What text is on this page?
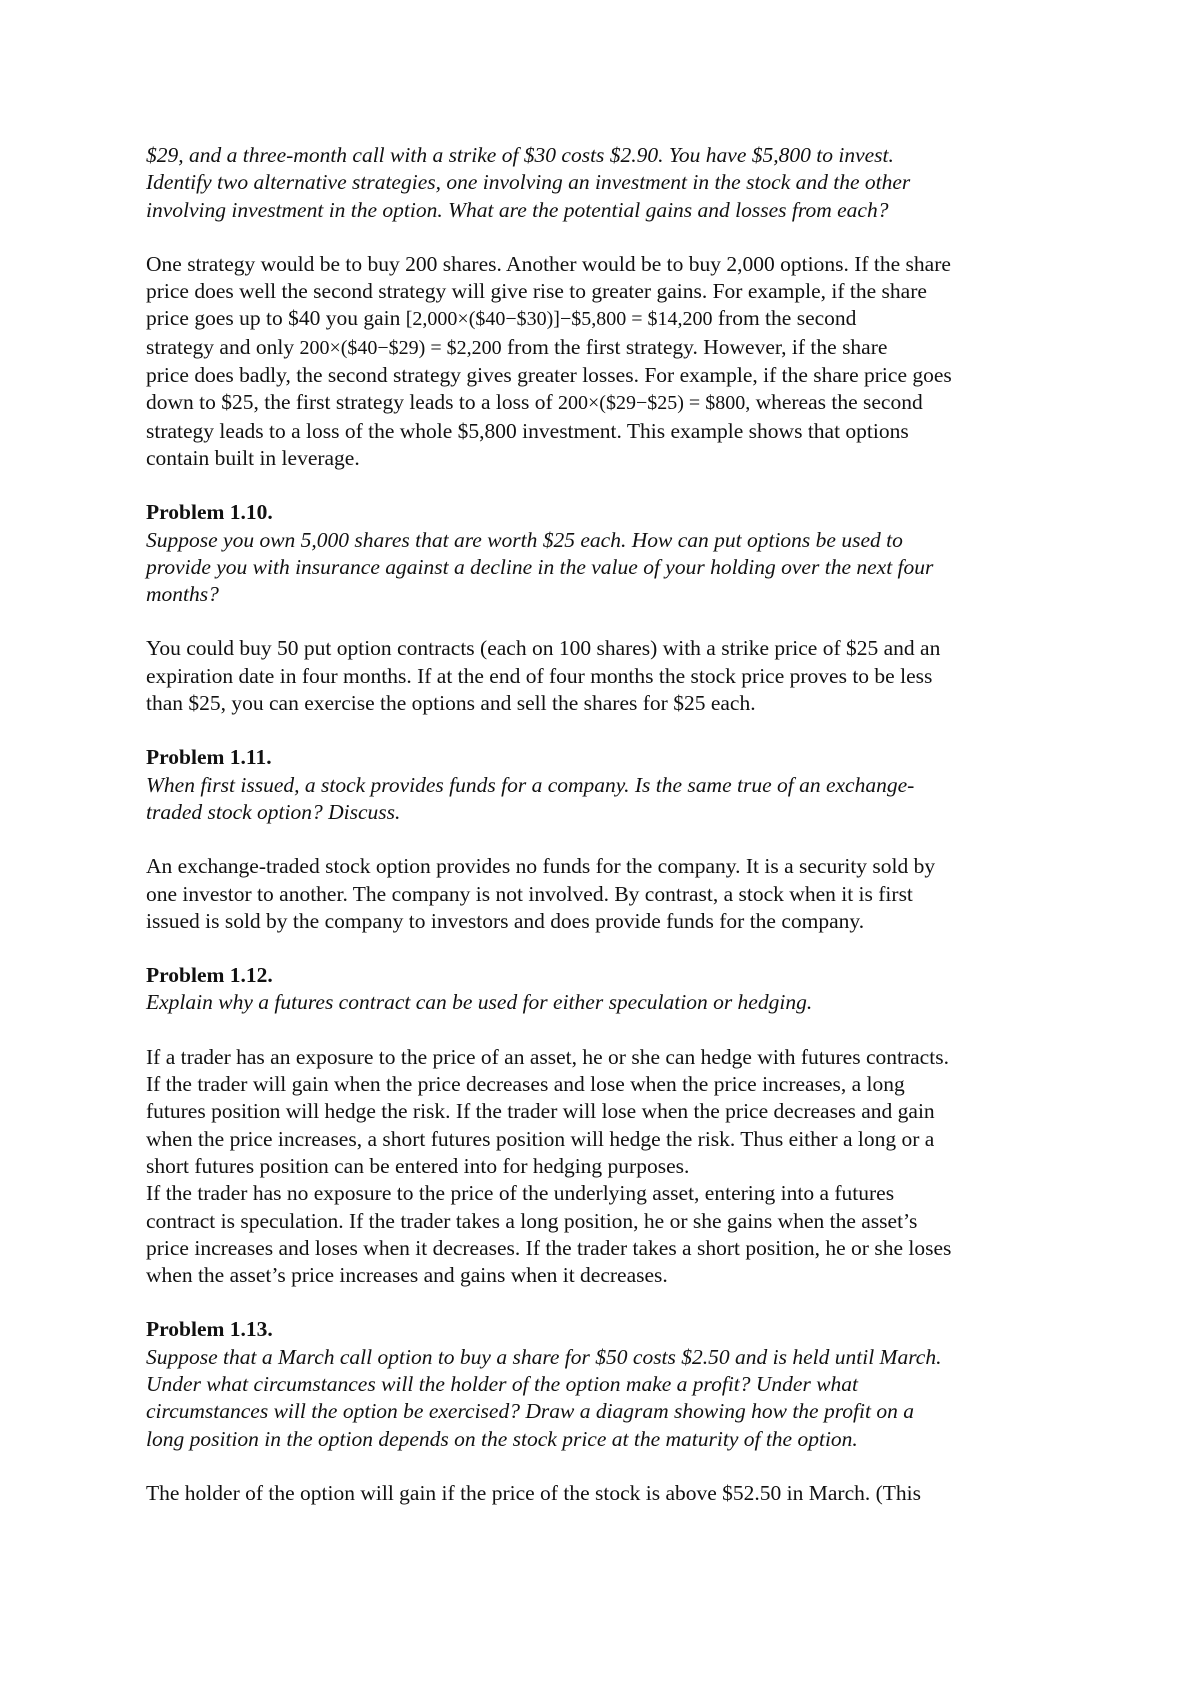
$29, and a three-month call with a strike of $30 costs $2.90. You have $5,800 to invest.

Identify two alternative strategies, one involving an investment in the stock and the other

involving investment in the option. What are the potential gains and losses from each?

One strategy would be to buy 200 shares. Another would be to buy 2,000 options. If the share

price does well the second strategy will give rise to greater gains. For example, if the share

price goes up to $40 you gain [2,000×($40−$30)]−$5,800 = $14,200 from the second

strategy and only 200×($40−$29) = $2,200 from the first strategy. However, if the share

price does badly, the second strategy gives greater losses. For example, if the share price goes

down to $25, the first strategy leads to a loss of 200×($29−$25) = $800, whereas the second

strategy leads to a loss of the whole $5,800 investment. This example shows that options

contain built in leverage.

Problem 1.10.

Suppose you own 5,000 shares that are worth $25 each. How can put options be used to

provide you with insurance against a decline in the value of your holding over the next four

months?

You could buy 50 put option contracts (each on 100 shares) with a strike price of $25 and an

expiration date in four months. If at the end of four months the stock price proves to be less

than $25, you can exercise the options and sell the shares for $25 each.

Problem 1.11.

When first issued, a stock provides funds for a company. Is the same true of an exchange-

traded stock option? Discuss.

An exchange-traded stock option provides no funds for the company. It is a security sold by

one investor to another. The company is not involved. By contrast, a stock when it is first

issued is sold by the company to investors and does provide funds for the company.

Problem 1.12.

Explain why a futures contract can be used for either speculation or hedging.

If a trader has an exposure to the price of an asset, he or she can hedge with futures contracts.

If the trader will gain when the price decreases and lose when the price increases, a long

futures position will hedge the risk. If the trader will lose when the price decreases and gain

when the price increases, a short futures position will hedge the risk. Thus either a long or a

short futures position can be entered into for hedging purposes.

If the trader has no exposure to the price of the underlying asset, entering into a futures

contract is speculation. If the trader takes a long position, he or she gains when the asset’s

price increases and loses when it decreases. If the trader takes a short position, he or she loses

when the asset’s price increases and gains when it decreases.

Problem 1.13.

Suppose that a March call option to buy a share for $50 costs $2.50 and is held until March.

Under what circumstances will the holder of the option make a profit? Under what

circumstances will the option be exercised? Draw a diagram showing how the profit on a

long position in the option depends on the stock price at the maturity of the option.

The holder of the option will gain if the price of the stock is above $52.50 in March. (This
